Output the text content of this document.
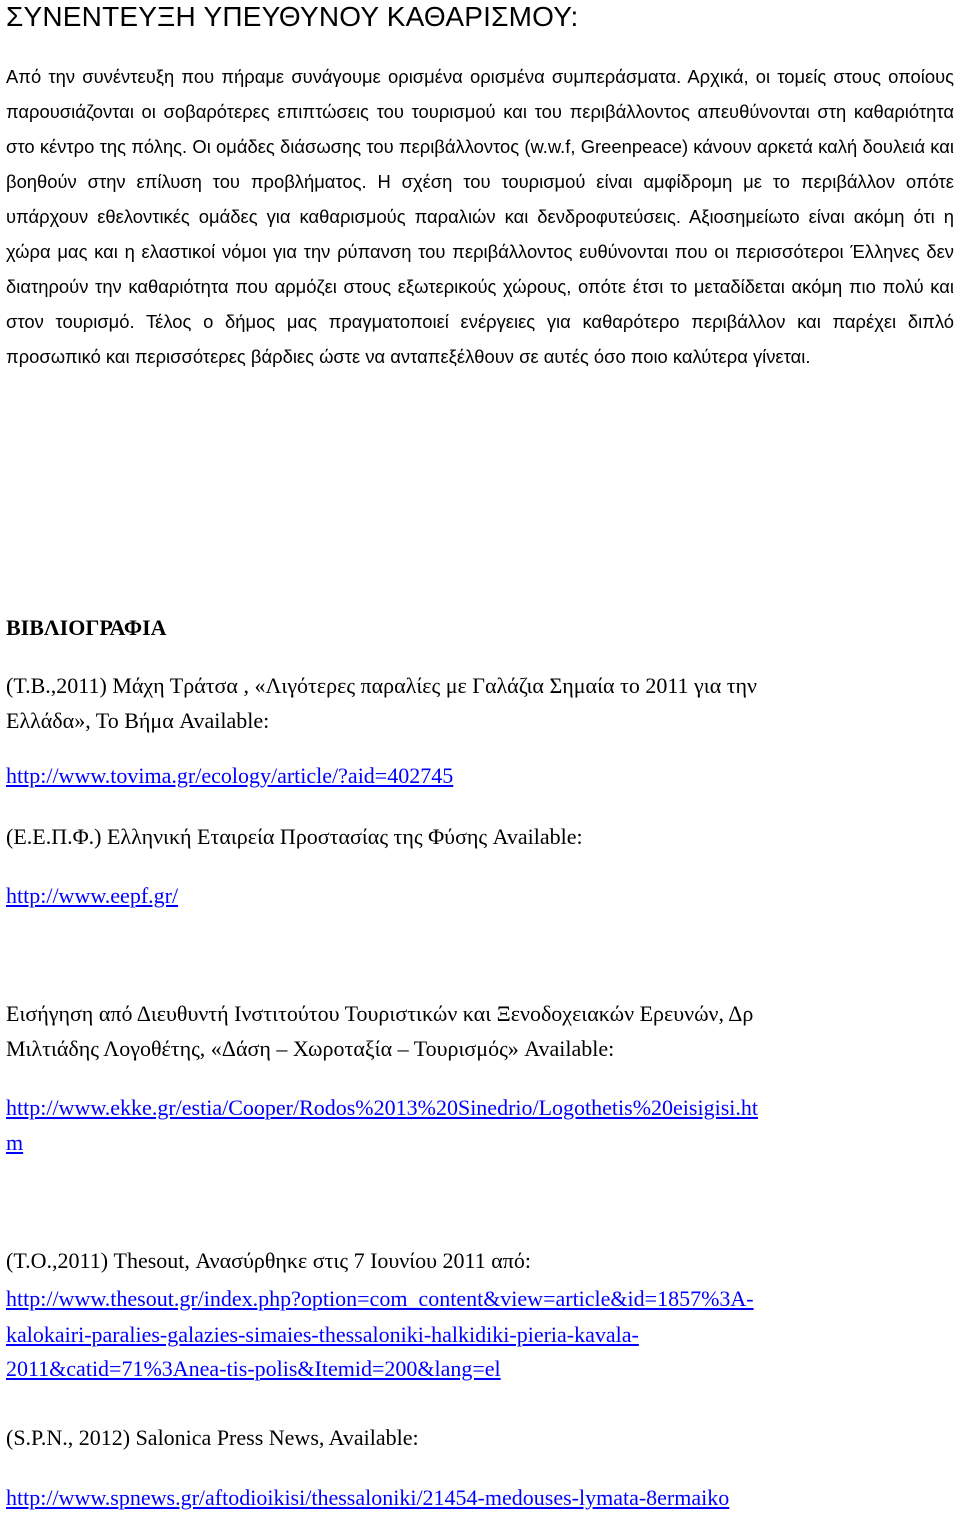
ΣΥΝΕΝΤΕΥΞΗ ΥΠΕΥΘΥΝΟΥ ΚΑΘΑΡΙΣΜΟΥ:

Από την συνέντευξη που πήραμε συνάγουμε ορισμένα ορισμένα συμπεράσματα. Αρχικά, οι τομείς στους οποίους παρουσιάζονται οι σοβαρότερες επιπτώσεις του τουρισμού και του περιβάλλοντος απευθύνονται στη καθαριότητα στο κέντρο της πόλης. Οι ομάδες διάσωσης του περιβάλλοντος (w.w.f, Greenpeace) κάνουν αρκετά καλή δουλειά και βοηθούν στην επίλυση του προβλήματος. Η σχέση του τουρισμού είναι αμφίδρομη με το περιβάλλον οπότε υπάρχουν εθελοντικές ομάδες για καθαρισμούς παραλιών και δενδροφυτεύσεις. Αξιοσημείωτο είναι ακόμη ότι η χώρα μας και η ελαστικοί νόμοι για την ρύπανση του περιβάλλοντος ευθύνονται που οι περισσότεροι Έλληνες δεν διατηρούν την καθαριότητα που αρμόζει στους εξωτερικούς χώρους, οπότε έτσι το μεταδίδεται ακόμη πιο πολύ και στον τουρισμό. Τέλος ο δήμος μας πραγματοποιεί ενέργειες για καθαρότερο περιβάλλον και παρέχει διπλό προσωπικό και περισσότερες βάρδιες ώστε να ανταπεξέλθουν σε αυτές όσο ποιο καλύτερα γίνεται.

ΒΙΒΛΙΟΓΡΑΦΙΑ

(Τ.Β.,2011) Μάχη Τράτσα , «Λιγότερες παραλίες με Γαλάζια Σημαία το 2011 για την

Ελλάδα», Το Βήμα Available:

http://www.tovima.gr/ecology/article/?aid=402745

(Ε.Ε.Π.Φ.) Ελληνική Εταιρεία Προστασίας της Φύσης Available:

http://www.eepf.gr/

Εισήγηση από Διευθυντή Ινστιτούτου Τουριστικών και Ξενοδοχειακών Ερευνών, Δρ

Μιλτιάδης Λογοθέτης, «Δάση – Χωροταξία – Τουρισμός» Available:

http://www.ekke.gr/estia/Cooper/Rodos%2013%20Sinedrio/Logothetis%20eisigisi.ht
m

(Τ.Ο.,2011) Thesout, Ανασύρθηκε στις 7 Ιουνίου 2011 από:

http://www.thesout.gr/index.php?option=com_content&view=article&id=1857%3A-
kalokairi-paralies-galazies-simaies-thessaloniki-halkidiki-pieria-kavala-
2011&catid=71%3Anea-tis-polis&Itemid=200&lang=el

(S.P.N., 2012) Salonica Press News, Available:

http://www.spnews.gr/aftodioikisi/thessaloniki/21454-medouses-lymata-8ermaiko
